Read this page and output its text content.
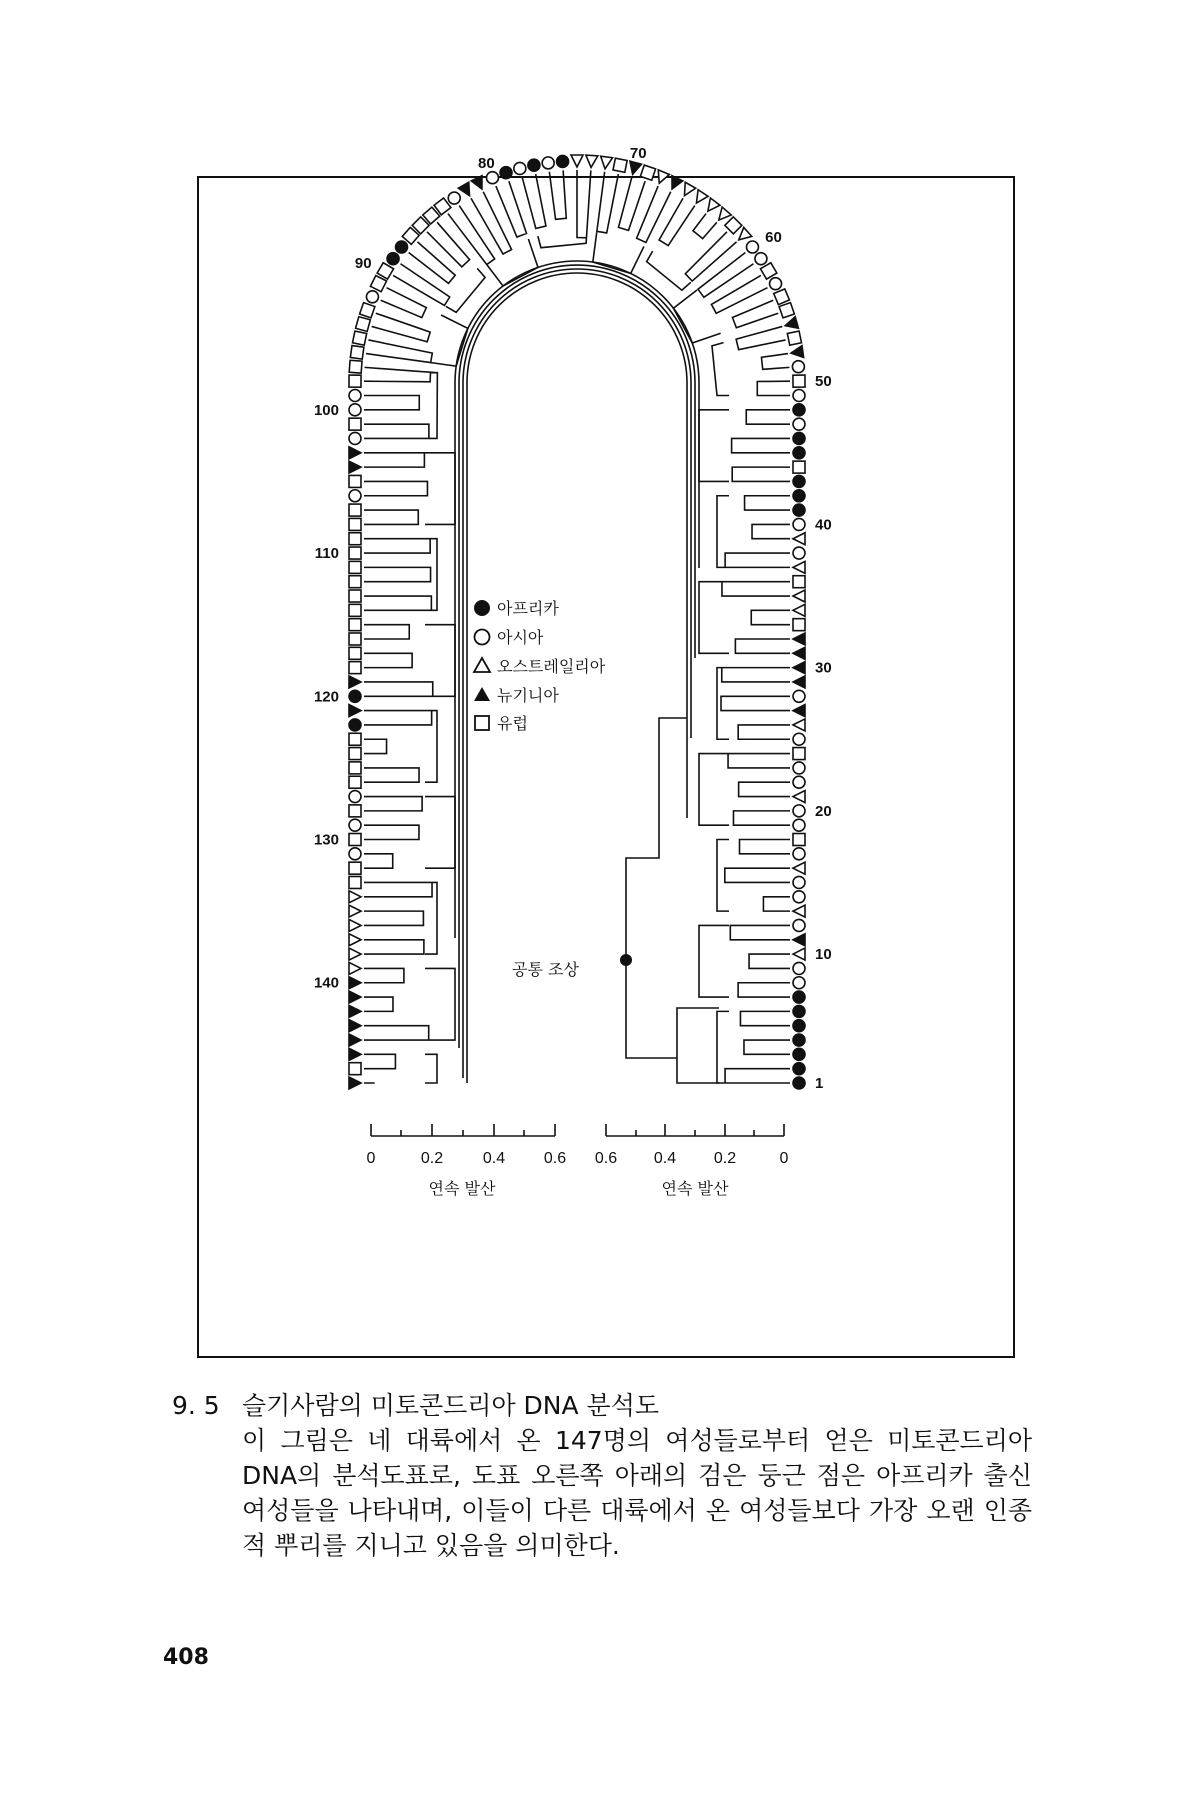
1
10
20
30
40
50
60
70
80
90
100
110
120
130
140
아프리카
아시아
오스트레일리아
뉴기니아
유럽
공통 조상
0	0.2 0.4 0.6
연속 발산
0.6 0.4 0.2	0
연속 발산
9. 5 슬기사람의 미토콘드리아 DNA 분석도
이 그림은 네 대륙에서 온 147명의 여성들로부터 얻은 미토콘드리아 DNA의 분석도표로, 도표 오른쪽 아래의 검은 둥근 점은 아프리카 출신 여성들을 나타내며, 이들이 다른 대륙에서 온 여성들보다 가장 오랜 인종적 뿌리를 지니고 있음을 의미한다.
408
